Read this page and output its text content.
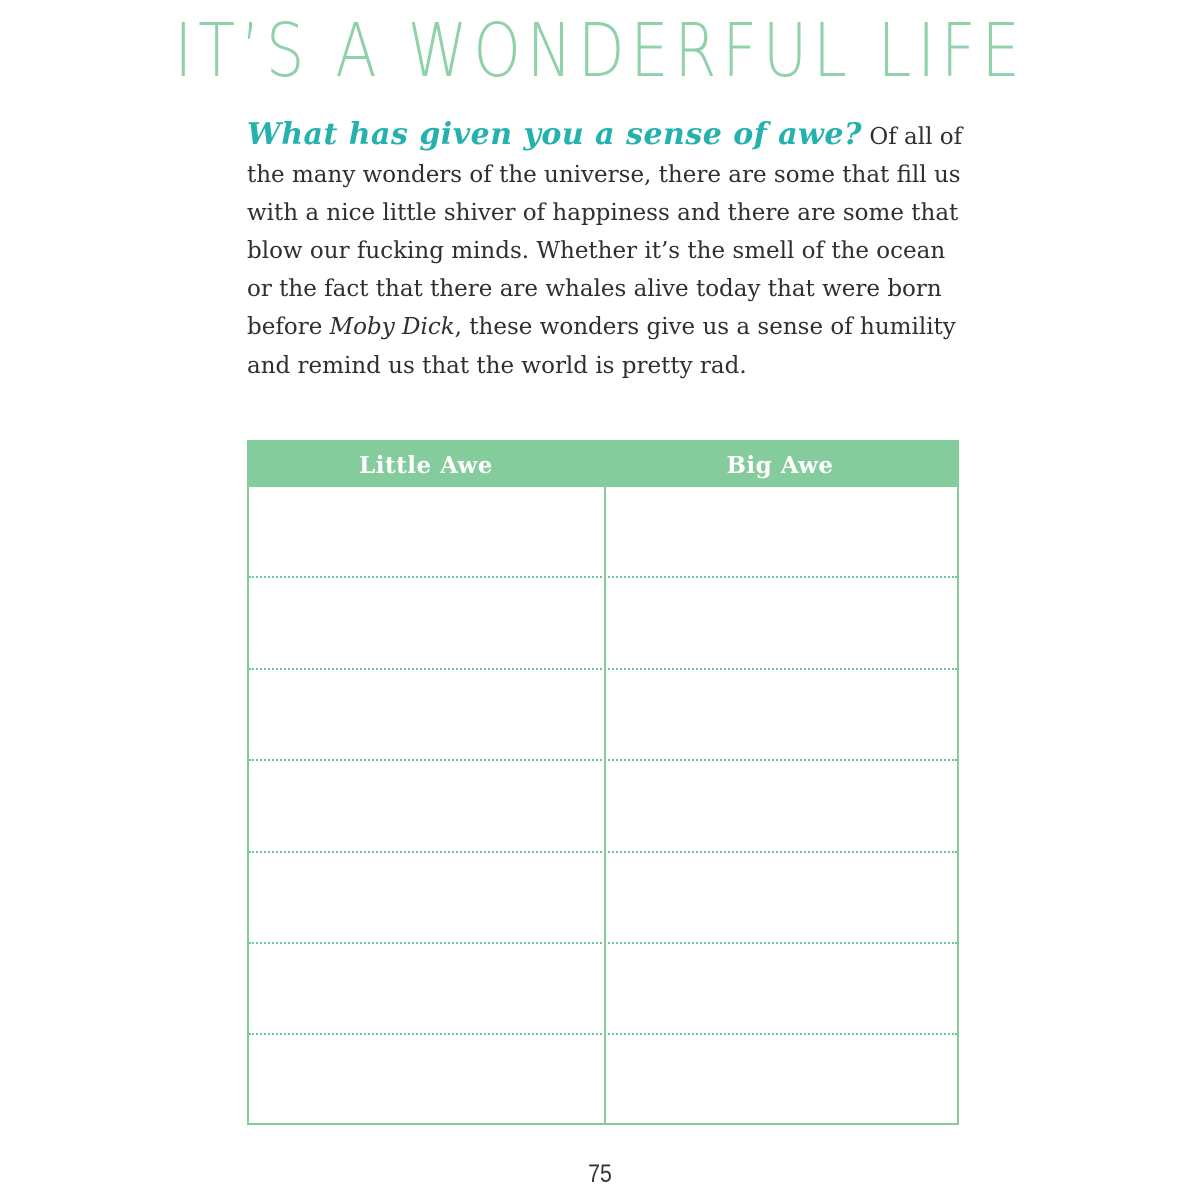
IT’S A WONDERFUL LIFE
What has given you a sense of awe? Of all of the many wonders of the universe, there are some that fill us with a nice little shiver of happiness and there are some that blow our fucking minds. Whether it’s the smell of the ocean or the fact that there are whales alive today that were born before Moby Dick, these wonders give us a sense of humility and remind us that the world is pretty rad.
Little Awe	Big Awe
75
